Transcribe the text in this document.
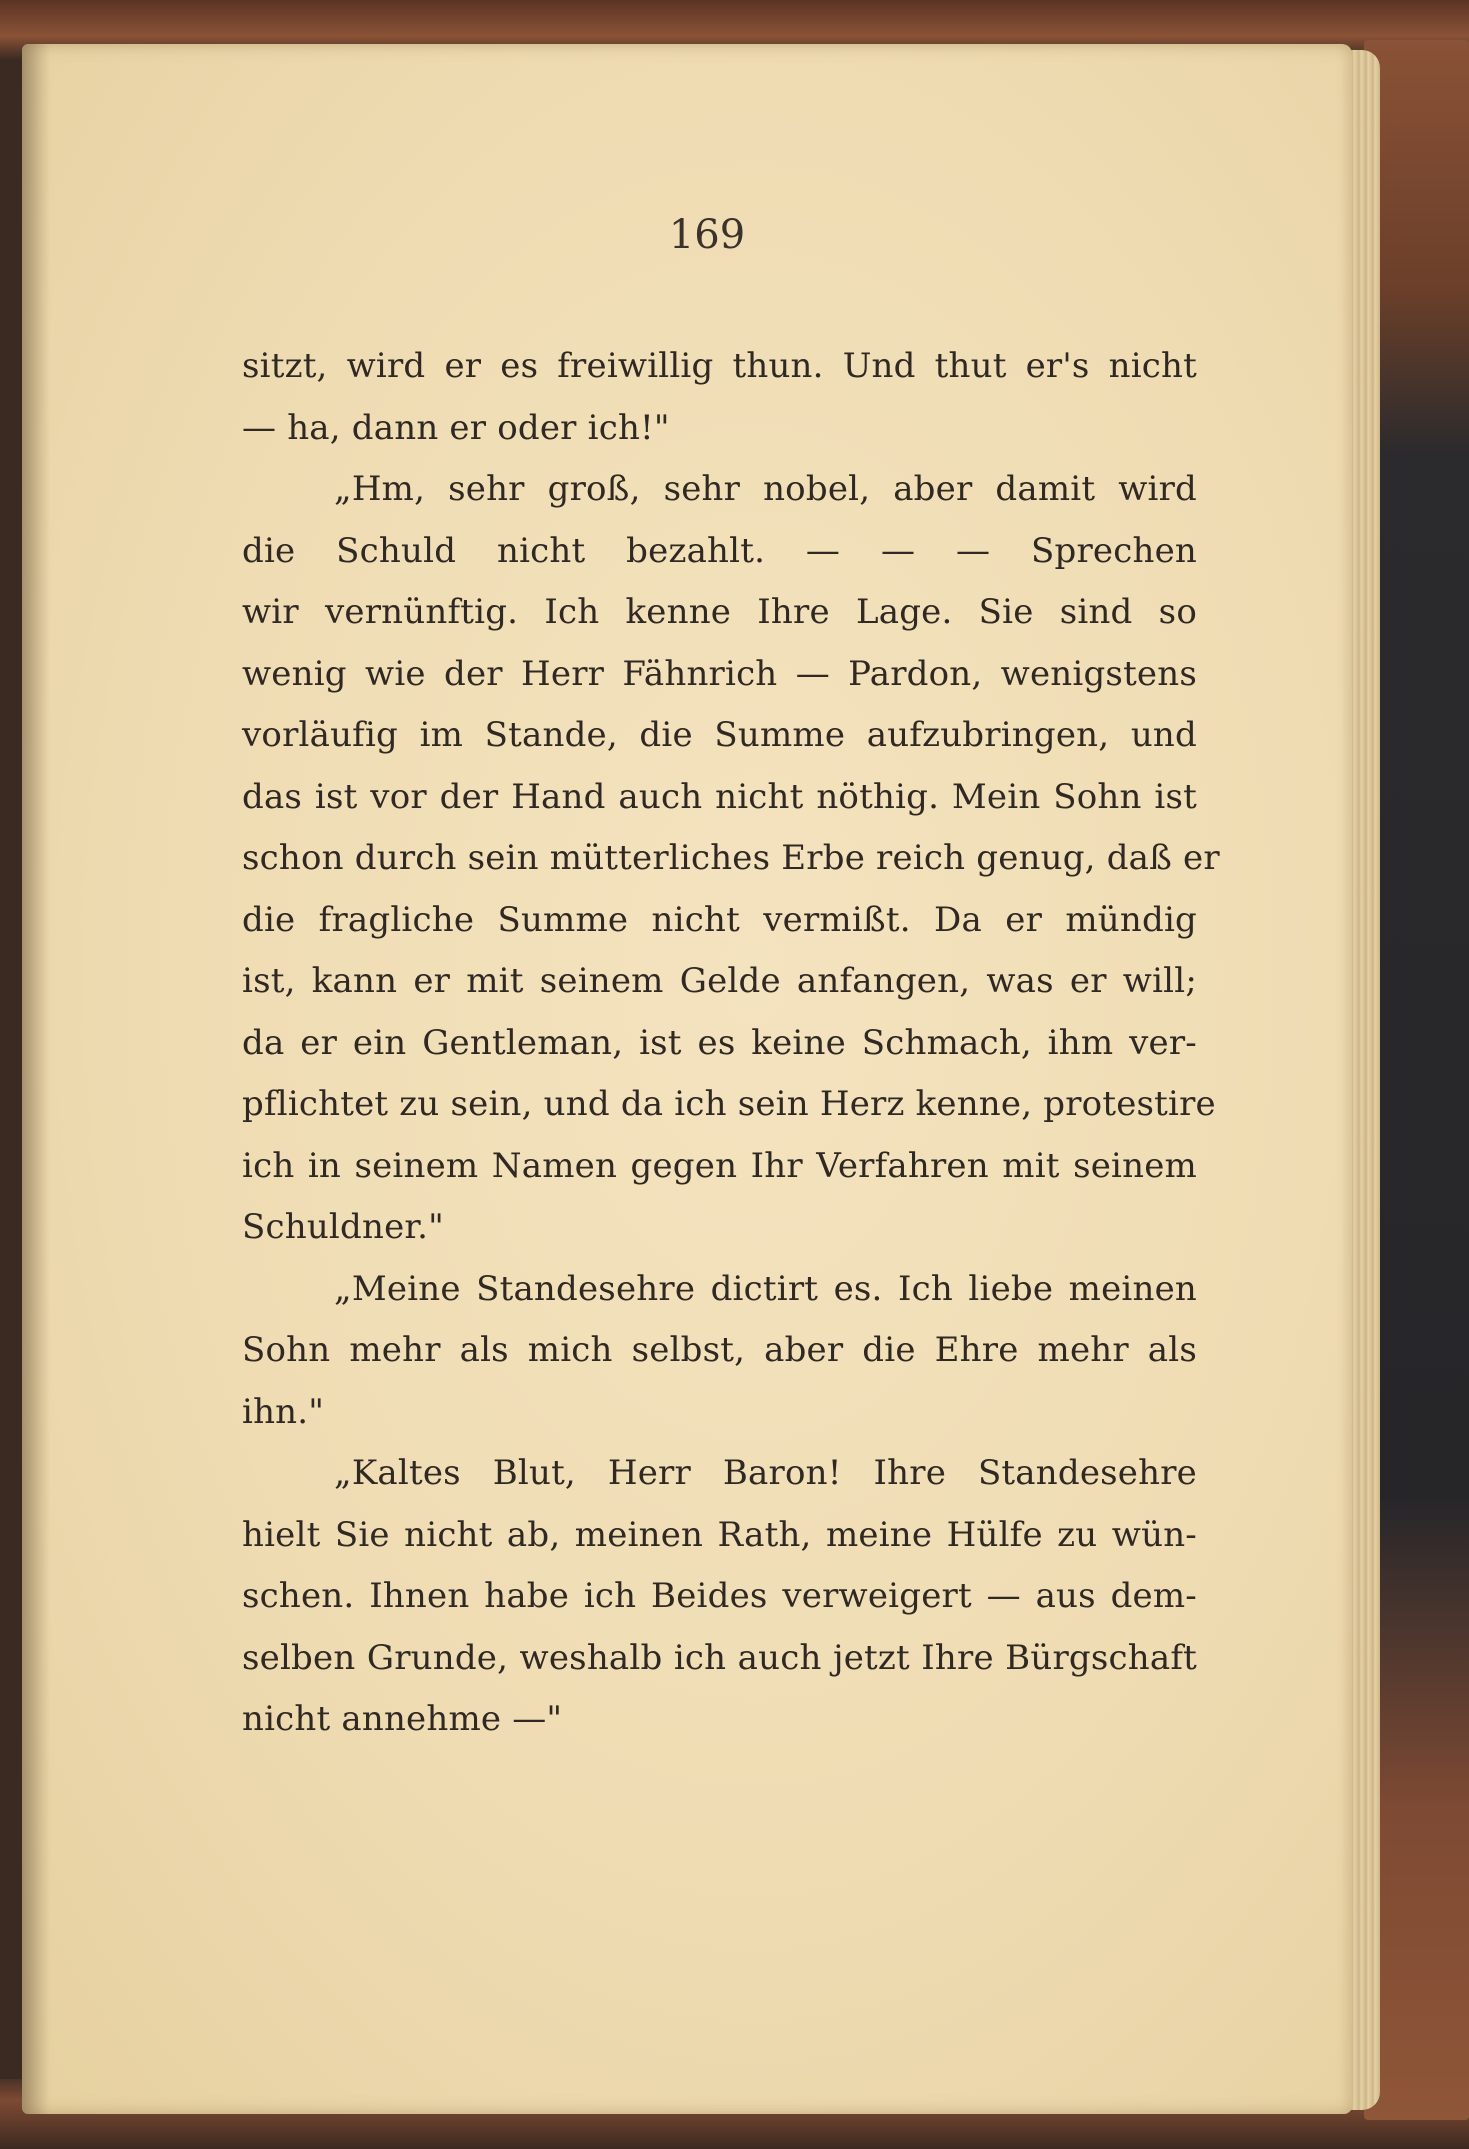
169
sitzt, wird er es freiwillig thun. Und thut er's nicht
— ha, dann er oder ich!"
„Hm, sehr groß, sehr nobel, aber damit wird
die Schuld nicht bezahlt. — — — Sprechen
wir vernünftig. Ich kenne Ihre Lage. Sie sind so
wenig wie der Herr Fähnrich — Pardon, wenigstens
vorläufig im Stande, die Summe aufzubringen, und
das ist vor der Hand auch nicht nöthig. Mein Sohn ist
schon durch sein mütterliches Erbe reich genug, daß er
die fragliche Summe nicht vermißt. Da er mündig
ist, kann er mit seinem Gelde anfangen, was er will;
da er ein Gentleman, ist es keine Schmach, ihm ver-
pflichtet zu sein, und da ich sein Herz kenne, protestire
ich in seinem Namen gegen Ihr Verfahren mit seinem
Schuldner."
„Meine Standesehre dictirt es. Ich liebe meinen
Sohn mehr als mich selbst, aber die Ehre mehr als
ihn."
„Kaltes Blut, Herr Baron! Ihre Standesehre
hielt Sie nicht ab, meinen Rath, meine Hülfe zu wün-
schen. Ihnen habe ich Beides verweigert — aus dem-
selben Grunde, weshalb ich auch jetzt Ihre Bürgschaft
nicht annehme —"
